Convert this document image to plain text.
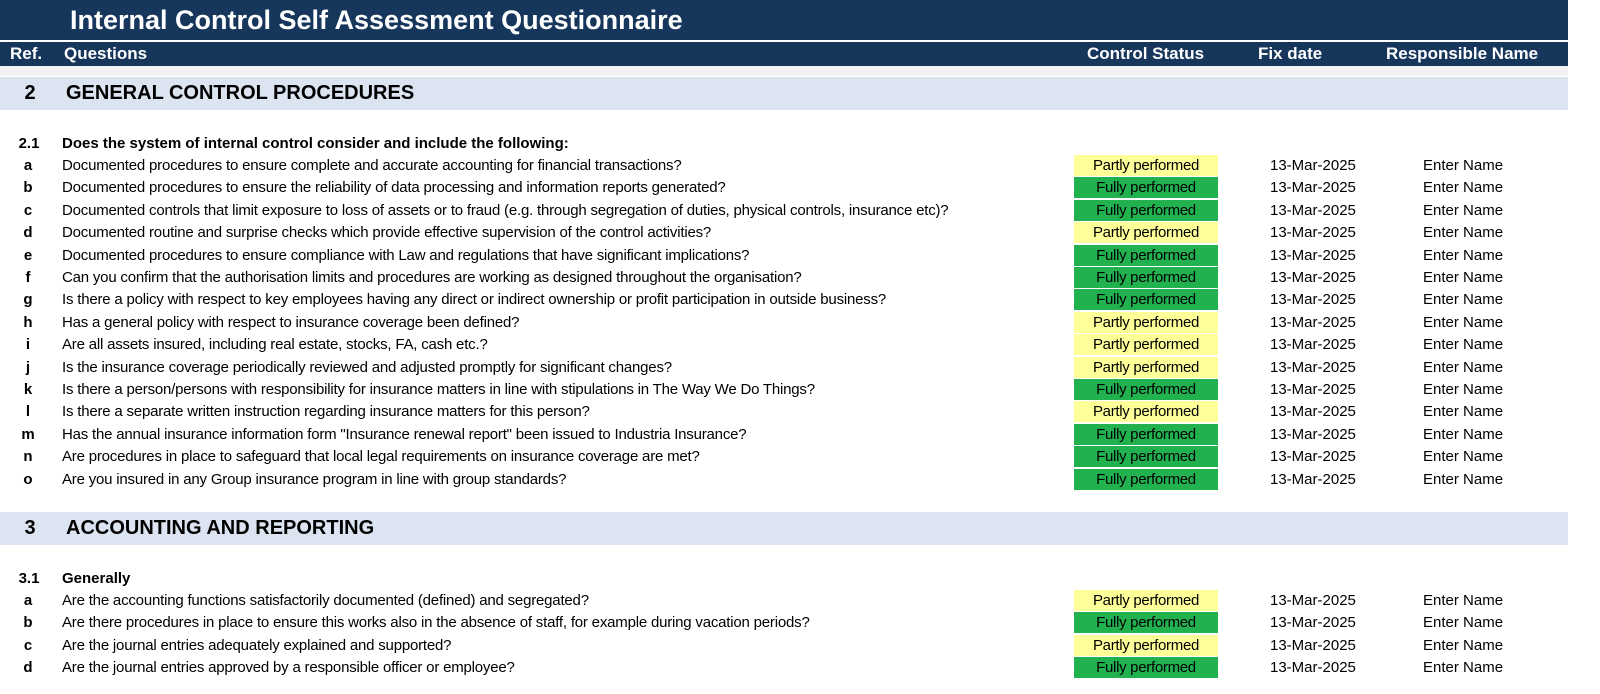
Internal Control Self Assessment Questionnaire
Ref. Questions	Control Status	Fix date	Responsible Name
2 GENERAL CONTROL PROCEDURES
2.1	Does the system of internal control consider and include the following:
a	Documented procedures to ensure complete and accurate accounting for financial transactions?	Partly performed	13-Mar-2025	Enter Name
b	Documented procedures to ensure the reliability of data processing and information reports generated?	Fully performed	13-Mar-2025	Enter Name
c	Documented controls that limit exposure to loss of assets or to fraud (e.g. through segregation of duties, physical controls, insurance etc)?	Fully performed	13-Mar-2025	Enter Name
d	Documented routine and surprise checks which provide effective supervision of the control activities?	Partly performed	13-Mar-2025	Enter Name
e	Documented procedures to ensure compliance with Law and regulations that have significant implications?	Fully performed	13-Mar-2025	Enter Name
f	Can you confirm that the authorisation limits and procedures are working as designed throughout the organisation?	Fully performed	13-Mar-2025	Enter Name
g	Is there a policy with respect to key employees having any direct or indirect ownership or profit participation in outside business?	Fully performed	13-Mar-2025	Enter Name
h	Has a general policy with respect to insurance coverage been defined?	Partly performed	13-Mar-2025	Enter Name
i	Are all assets insured, including real estate, stocks, FA, cash etc.?	Partly performed	13-Mar-2025	Enter Name
j	Is the insurance coverage periodically reviewed and adjusted promptly for significant changes?	Partly performed	13-Mar-2025	Enter Name
k	Is there a person/persons with responsibility for insurance matters in line with stipulations in The Way We Do Things?	Fully performed	13-Mar-2025	Enter Name
l	Is there a separate written instruction regarding insurance matters for this person?	Partly performed	13-Mar-2025	Enter Name
m Has the annual insurance information form "Insurance renewal report" been issued to Industria Insurance?	Fully performed	13-Mar-2025	Enter Name
n	Are procedures in place to safeguard that local legal requirements on insurance coverage are met?	Fully performed	13-Mar-2025	Enter Name
o	Are you insured in any Group insurance program in line with group standards?	Fully performed	13-Mar-2025	Enter Name
3 ACCOUNTING AND REPORTING
3.1	Generally
a	Are the accounting functions satisfactorily documented (defined) and segregated?	Partly performed	13-Mar-2025	Enter Name
b	Are there procedures in place to ensure this works also in the absence of staff, for example during vacation periods?	Fully performed	13-Mar-2025	Enter Name
c	Are the journal entries adequately explained and supported?	Partly performed	13-Mar-2025	Enter Name
d	Are the journal entries approved by a responsible officer or employee?	Fully performed	13-Mar-2025	Enter Name
